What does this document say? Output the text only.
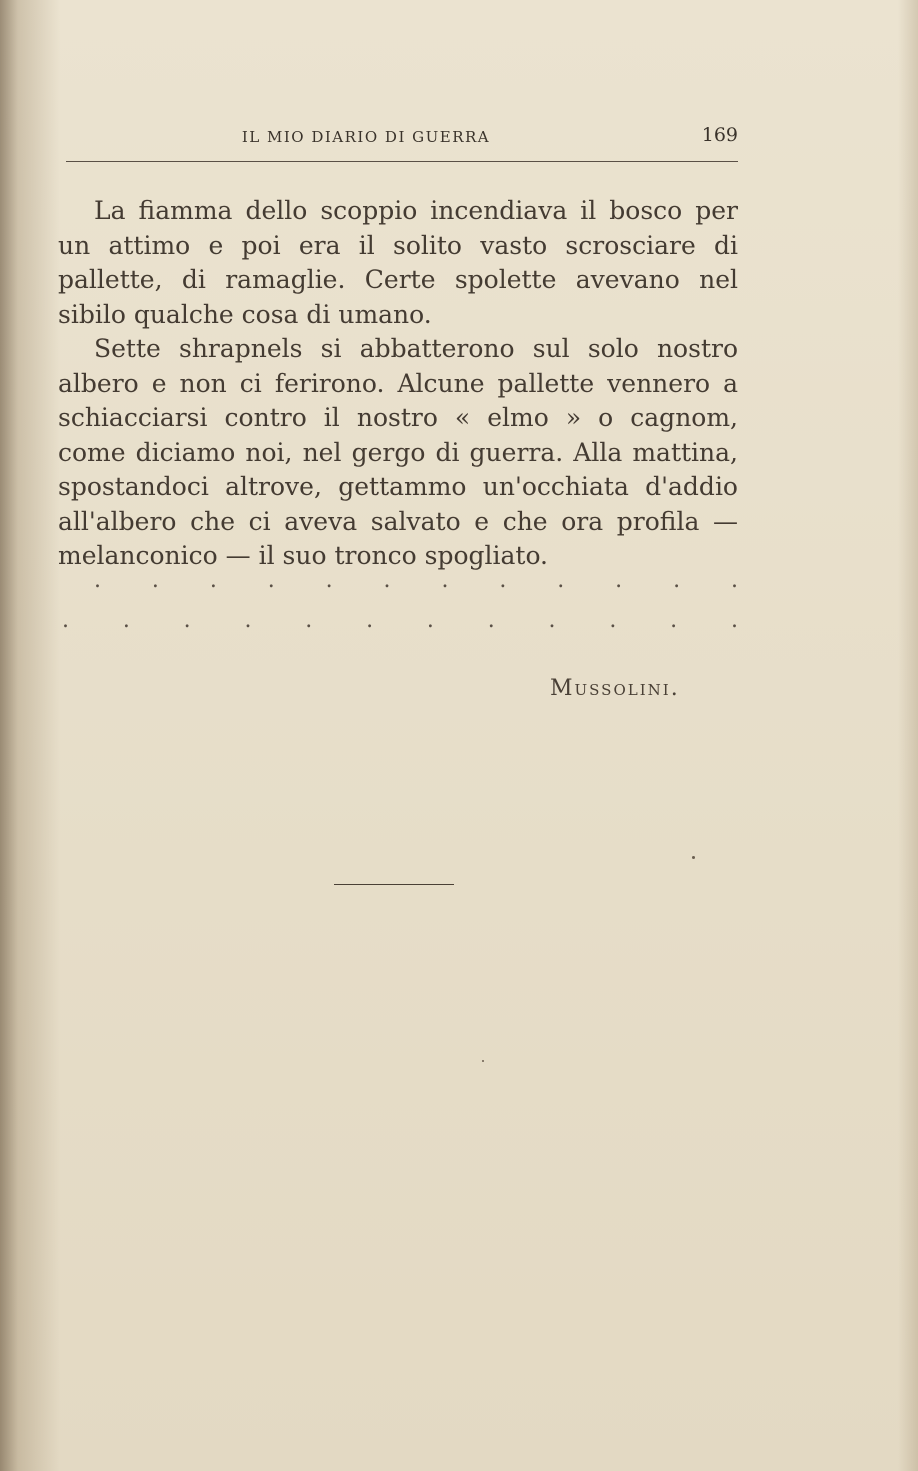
IL MIO DIARIO DI GUERRA	169

La fiamma dello scoppio incendiava il bosco per un attimo e poi era il solito vasto scrosciare di pallette, di ramaglie. Certe spolette avevano nel sibilo qualche cosa di umano.

Sette shrapnels si abbatterono sul solo nostro albero e non ci ferirono. Alcune pallette vennero a schiacciarsi contro il nostro « elmo » o cagnom, come diciamo noi, nel gergo di guerra. Alla mattina, spostandoci altrove, gettammo un'occhiata d'addio all'albero che ci aveva salvato e che ora profila — melanconico — il suo tronco spogliato.

. . . . . . . . . . . .
. . . . . . . . . . . .
Mussolini.
